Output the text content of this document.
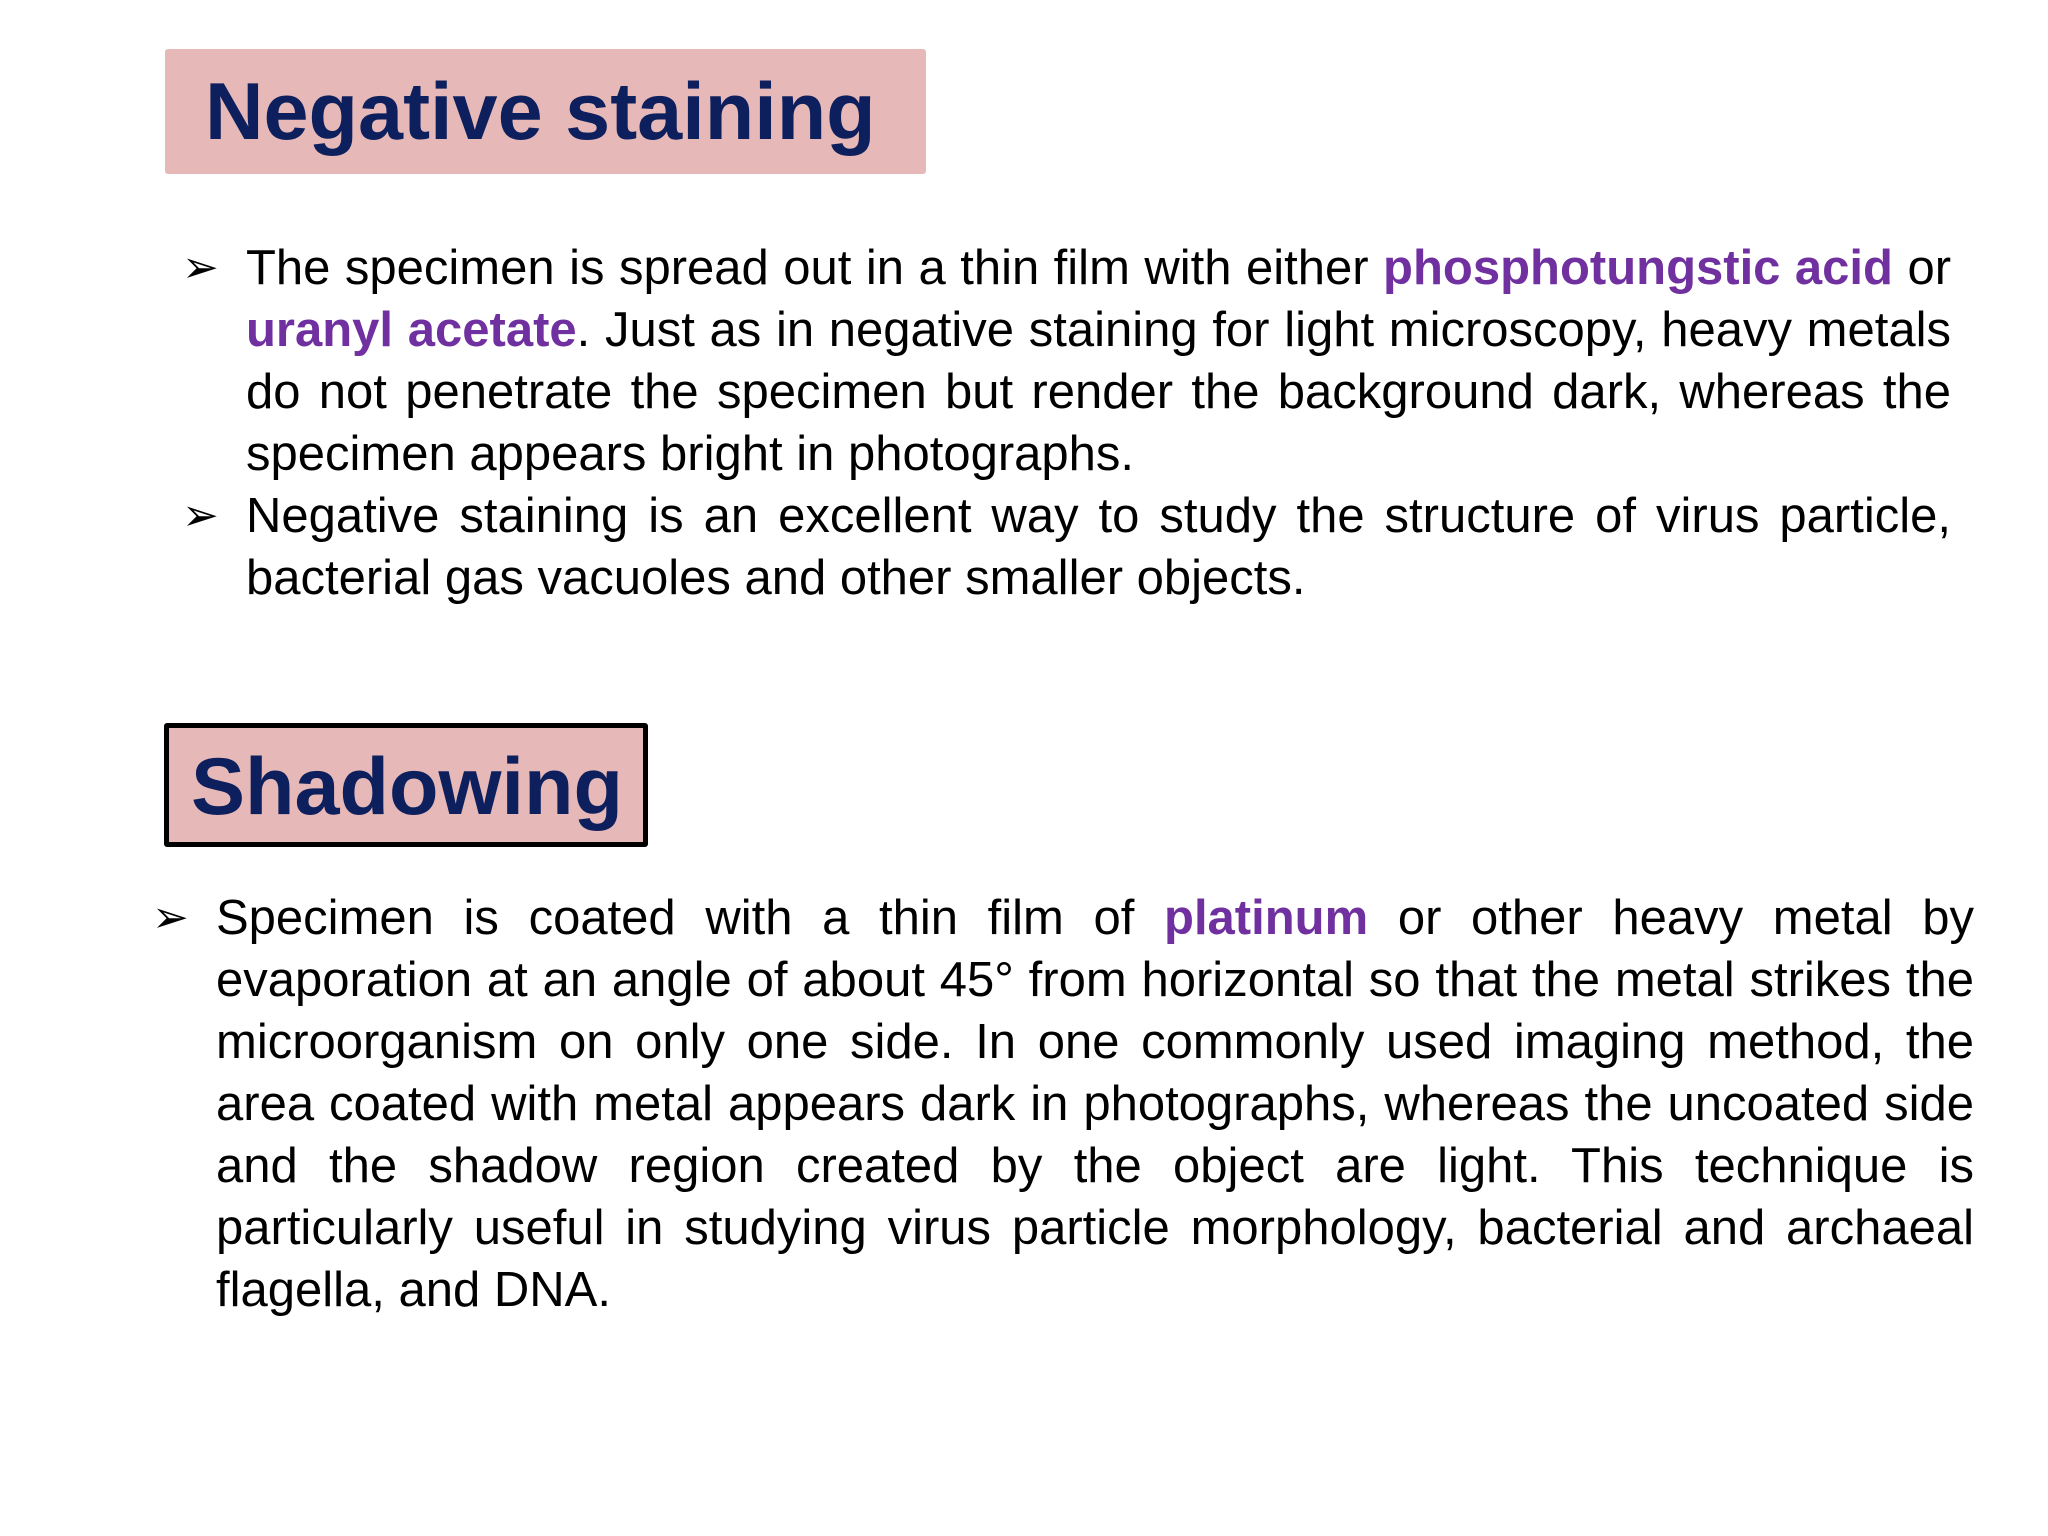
Negative staining
➢ The specimen is spread out in a thin film with either phosphotungstic acid or uranyl acetate. Just as in negative staining for light microscopy, heavy metals do not penetrate the specimen but render the background dark, whereas the specimen appears bright in photographs.
➢ Negative staining is an excellent way to study the structure of virus particle, bacterial gas vacuoles and other smaller objects.
Shadowing
➢ Specimen is coated with a thin film of platinum or other heavy metal by evaporation at an angle of about 45° from horizontal so that the metal strikes the microorganism on only one side. In one commonly used imaging method, the area coated with metal appears dark in photographs, whereas the uncoated side and the shadow region created by the object are light. This technique is particularly useful in studying virus particle morphology, bacterial and archaeal flagella, and DNA.
